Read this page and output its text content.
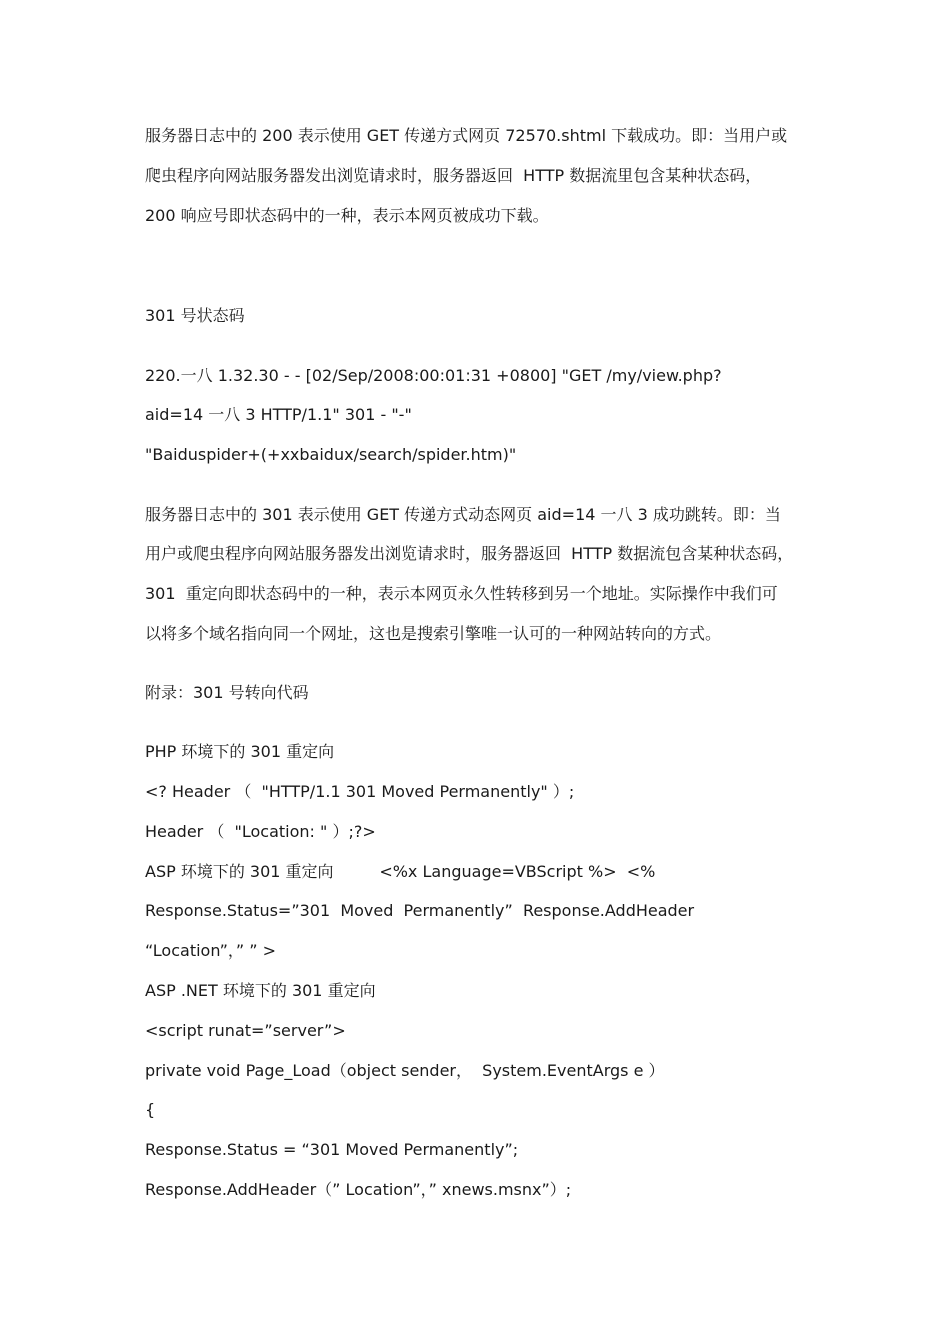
服务器日志中的 200 表示使用 GET 传递方式网页 72570.shtml 下载成功。即：当用户或
爬虫程序向网站服务器发出浏览请求时，服务器返回  HTTP 数据流里包含某种状态码，
200 响应号即状态码中的一种，表示本网页被成功下载。
301 号状态码
220.一八 1.32.30 - - [02/Sep/2008:00:01:31 +0800] "GET /my/view.php?
aid=14 一八 3 HTTP/1.1" 301 - "-"
"Baiduspider+(+xxbaidux/search/spider.htm)"
服务器日志中的 301 表示使用 GET 传递方式动态网页 aid=14 一八 3 成功跳转。即：当
用户或爬虫程序向网站服务器发出浏览请求时，服务器返回  HTTP 数据流包含某种状态码，
301  重定向即状态码中的一种，表示本网页永久性转移到另一个地址。实际操作中我们可
以将多个域名指向同一个网址，这也是搜索引擎唯一认可的一种网站转向的方式。
附录：301 号转向代码
PHP 环境下的 301 重定向
<? Header （  "HTTP/1.1 301 Moved Permanently" ）;
Header （  "Location: " ）;?>
ASP 环境下的 301 重定向         <%x Language=VBScript %>  <%
Response.Status=”301  Moved  Permanently”  Response.AddHeader
“Location”，” ” >
ASP .NET 环境下的 301 重定向
<script runat=”server”>
private void Page_Load（object sender，  System.EventArgs e ）
{
Response.Status = “301 Moved Permanently”;
Response.AddHeader（” Location”，” xnews.msnx”）;
